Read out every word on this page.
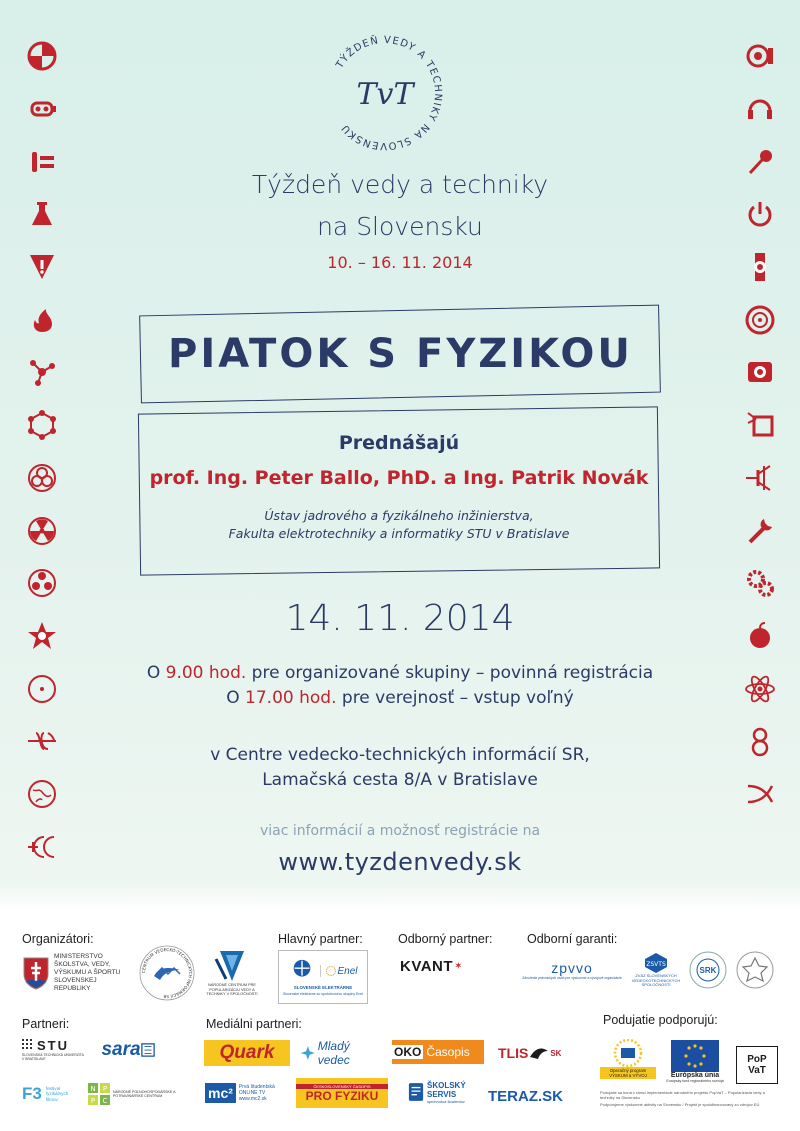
TÝŽDEŇ VEDY A TECHNIKY NA SLOVENSKU
TvT
Týždeň vedy a techniky
na Slovensku
10. – 16. 11. 2014
PIATOK S FYZIKOU
Prednášajú
prof. Ing. Peter Ballo, PhD. a Ing. Patrik Novák
Ústav jadrového a fyzikálneho inžinierstva,
Fakulta elektrotechniky a informatiky STU v Bratislave
14. 11. 2014
O 9.00 hod. pre organizované skupiny – povinná registrácia
O 17.00 hod. pre verejnosť – vstup voľný
v Centre vedecko-technických informácií SR,
Lamačská cesta 8/A v Bratislave
viac informácií a možnosť registrácie na
www.tyzdenvedy.sk
Organizátori:	Hlavný partner:	Odborný partner:	Odborní garanti:
MINISTERSTVO ŠKOLSTVA, VEDY, VÝSKUMU A ŠPORTU SLOVENSKEJ REPUBLIKY
CENTRUM VEDECKO-TECHNICKÝCH INFORMÁCIÍ SR
NÁRODNÉ CENTRUM PRE POPULARIZÁCIU VEDY A TECHNIKY V SPOLOČNOSTI
Enel
SLOVENSKÉ ELEKTRÁRNE
Slovenské elektrárne so spoločnosťou skupiny Enel
KVANT ✶	zpvvo
Združenie právnických osôb pre výskumné a vývojové organizácie
ZSVTS
ZVÄZ SLOVENSKÝCH VEDECKOTECHNICKÝCH SPOLOČNOSTÍ
SRK
Partneri:	Mediálni partneri:	Podujatie podporujú:
STU
SLOVENSKÁ TECHNICKÁ UNIVERZITA V BRATISLAVE	sara
F3 festival fyzikálnych filmov
N P
P C
NÁRODNÉ POĽNOHOSPODÁRSKE A POTRAVINÁRSKE CENTRUM
Quark	Mladý vedec
OKO Časopis TLIS	SK
mc²	Prvá študentská ONLINE TV www.mc2.sk
ČESKOSLOVENSKÝ ČASOPIS
PRO FYZIKU
ŠKOLSKÝ SERVIS
sprievodca študentov	TERAZ.SK
Operačný program VÝSKUM a VÝVOJ	Európska únia
Európsky fond regionálneho rozvoja
PoP VaT
Podujatie sa koná v rámci implementácie národného projektu PopVaT – Popularizácia vedy a techniky na Slovensku
Podporujeme výskumné aktivity na Slovensku / Projekt je spolufinancovaný zo zdrojov EÚ
